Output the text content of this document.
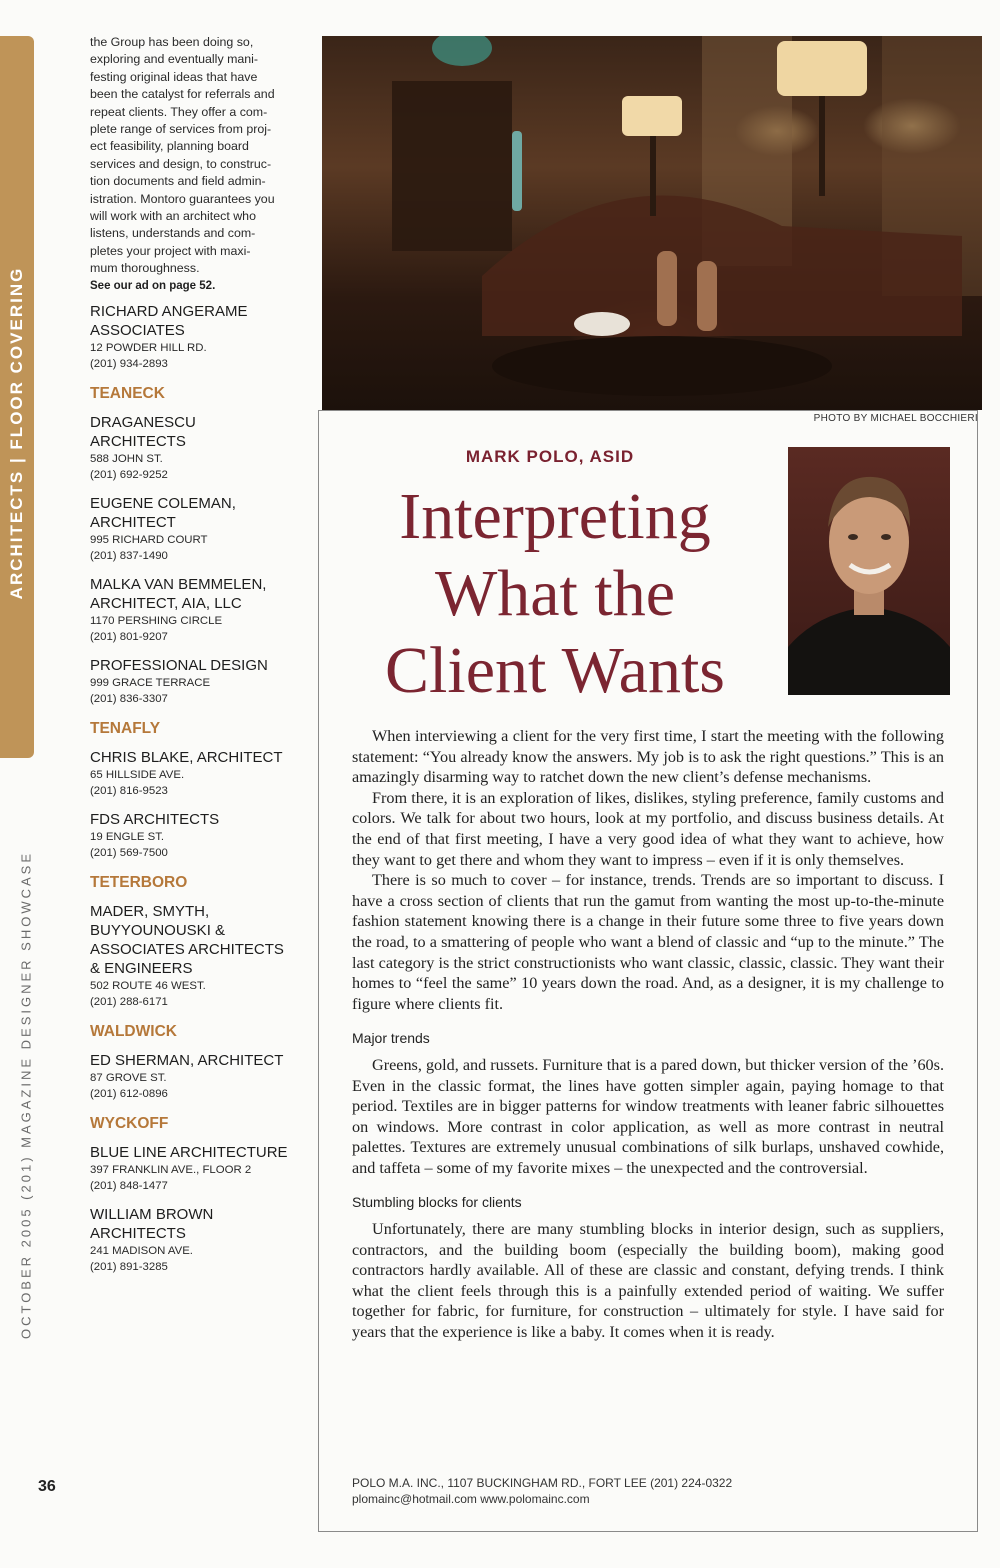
ARCHITECTS | FLOOR COVERING
OCTOBER 2005 (201) MAGAZINE DESIGNER SHOWCASE
36

the Group has been doing so,
exploring and eventually mani-
festing original ideas that have
been the catalyst for referrals and
repeat clients. They offer a com-
plete range of services from proj-
ect feasibility, planning board
services and design, to construc-
tion documents and field admin-
istration. Montoro guarantees you
will work with an architect who
listens, understands and com-
pletes your project with maxi-
mum thoroughness.

See our ad on page 52.
RICHARD ANGERAME
ASSOCIATES
12 POWDER HILL RD.
(201) 934-2893
TEANECK
DRAGANESCU
ARCHITECTS
588 JOHN ST.
(201) 692-9252
EUGENE COLEMAN,
ARCHITECT
995 RICHARD COURT
(201) 837-1490
MALKA VAN BEMMELEN,
ARCHITECT, AIA, LLC
1170 PERSHING CIRCLE
(201) 801-9207
PROFESSIONAL DESIGN
999 GRACE TERRACE
(201) 836-3307
TENAFLY
CHRIS BLAKE, ARCHITECT
65 HILLSIDE AVE.
(201) 816-9523
FDS ARCHITECTS
19 ENGLE ST.
(201) 569-7500
TETERBORO
MADER, SMYTH,
BUYYOUNOUSKI &
ASSOCIATES ARCHITECTS
& ENGINEERS
502 ROUTE 46 WEST.
(201) 288-6171
WALDWICK
ED SHERMAN, ARCHITECT
87 GROVE ST.
(201) 612-0896
WYCKOFF
BLUE LINE ARCHITECTURE
397 FRANKLIN AVE., FLOOR 2
(201) 848-1477
WILLIAM BROWN
ARCHITECTS
241 MADISON AVE.
(201) 891-3285
PHOTO BY MICHAEL BOCCHIERI
MARK POLO, ASID
Interpreting
What the
Client Wants

When interviewing a client for the very first time, I start the meeting with the following statement: “You already know the answers. My job is to ask the right questions.” This is an amazingly disarming way to ratchet down the new client’s defense mechanisms.

From there, it is an exploration of likes, dislikes, styling preference, family customs and colors. We talk for about two hours, look at my portfolio, and discuss business details. At the end of that first meeting, I have a very good idea of what they want to achieve, how they want to get there and whom they want to impress – even if it is only themselves.

There is so much to cover – for instance, trends. Trends are so important to discuss. I have a cross section of clients that run the gamut from wanting the most up-to-the-minute fashion statement knowing there is a change in their future some three to five years down the road, to a smattering of people who want a blend of classic and “up to the minute.” The last category is the strict constructionists who want classic, classic, classic. They want their homes to “feel the same” 10 years down the road. And, as a designer, it is my challenge to figure where clients fit.

Major trends

Greens, gold, and russets. Furniture that is a pared down, but thicker version of the ’60s. Even in the classic format, the lines have gotten simpler again, paying homage to that period. Textiles are in bigger patterns for window treatments with leaner fabric silhouettes on windows. More contrast in color application, as well as more contrast in neutral palettes. Textures are extremely unusual combinations of silk burlaps, unshaved cowhide, and taffeta – some of my favorite mixes – the unexpected and the controversial.

Stumbling blocks for clients

Unfortunately, there are many stumbling blocks in interior design, such as suppliers, contractors, and the building boom (especially the building boom), making good contractors hardly available. All of these are classic and constant, defying trends. I think what the client feels through this is a painfully extended period of waiting. We suffer together for fabric, for furniture, for construction – ultimately for style. I have said for years that the experience is like a baby. It comes when it is ready.

POLO M.A. INC., 1107 BUCKINGHAM RD., FORT LEE (201) 224-0322
plomainc@hotmail.com www.polomainc.com
